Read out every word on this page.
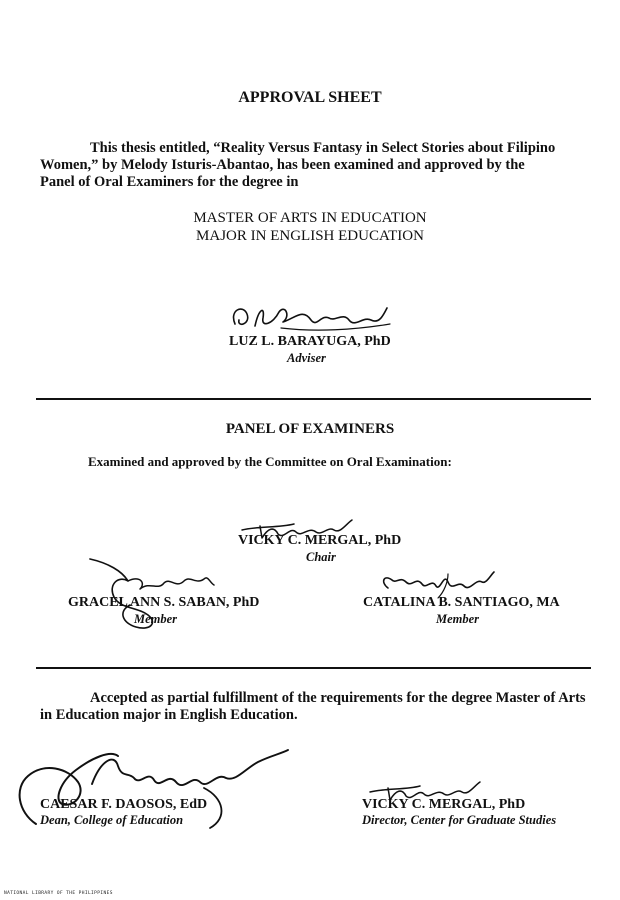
APPROVAL SHEET
This thesis entitled, “Reality Versus Fantasy in Select Stories about Filipino
Women,” by Melody Isturis-Abantao, has been examined and approved by the
Panel of Oral Examiners for the degree in
MASTER OF ARTS IN EDUCATION
MAJOR IN ENGLISH EDUCATION
LUZ L. BARAYUGA, PhD
Adviser
PANEL OF EXAMINERS
Examined and approved by the Committee on Oral Examination:
VICKY C. MERGAL, PhD
Chair
GRACEL ANN S. SABAN, PhD
Member
CATALINA B. SANTIAGO, MA
Member
Accepted as partial fulfillment of the requirements for the degree Master of Arts
in Education major in English Education.
CAESAR F. DAOSOS, EdD
Dean, College of Education
VICKY C. MERGAL, PhD
Director, Center for Graduate Studies
NATIONAL LIBRARY OF THE PHILIPPINES
